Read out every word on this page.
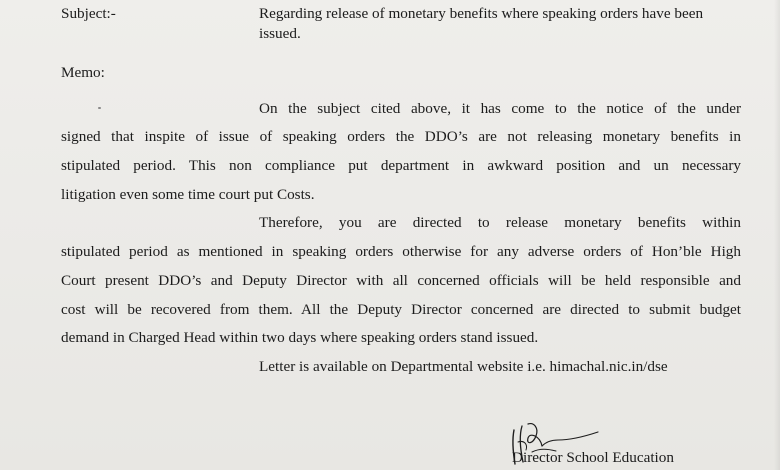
Subject:-	Regarding release of monetary benefits where speaking orders have been issued.
Memo:
On the subject cited above, it has come to the notice of the under
signed that inspite of issue of speaking orders the DDO’s are not releasing monetary benefits in
stipulated period. This non compliance put department in awkward position and un necessary
litigation even some time court put Costs.
Therefore, you are directed to release monetary benefits within
stipulated period as mentioned in speaking orders otherwise for any adverse orders of Hon’ble High
Court present DDO’s and Deputy Director with all concerned officials will be held responsible and
cost will be recovered from them. All the Deputy Director concerned are directed to submit budget
demand in Charged Head within two days where speaking orders stand issued.
Letter is available on Departmental website i.e. himachal.nic.in/dse
Director School Education
